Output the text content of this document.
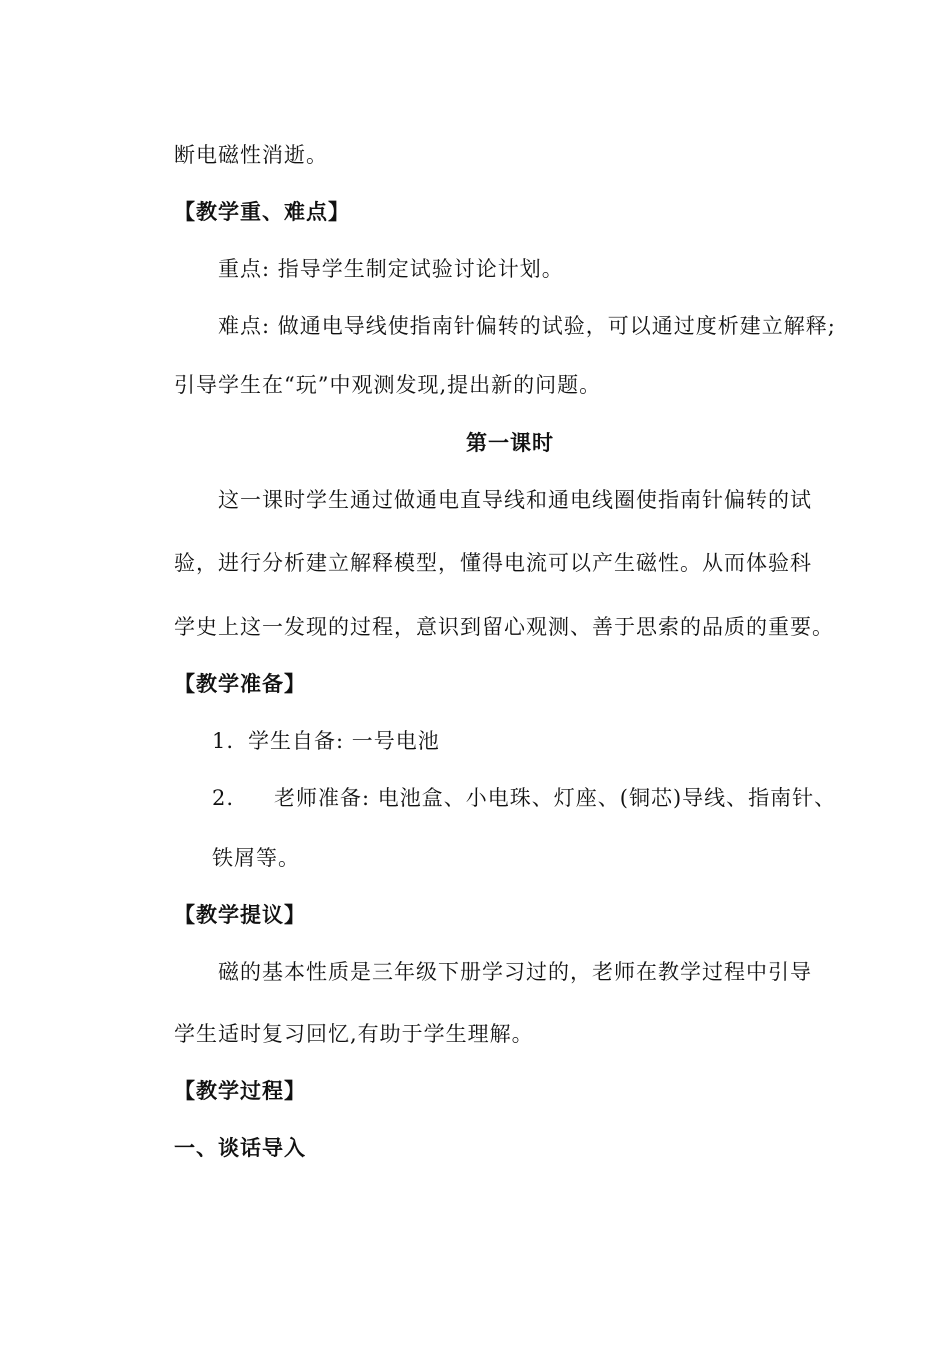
断电磁性消逝。
【教学重、难点】
重点: 指导学生制定试验讨论计划。
难点: 做通电导线使指南针偏转的试验，可以通过度析建立解释;
引导学生在“玩”中观测发现,提出新的问题。
第一课时
这一课时学生通过做通电直导线和通电线圈使指南针偏转的试
验，进行分析建立解释模型，懂得电流可以产生磁性。从而体验科
学史上这一发现的过程，意识到留心观测、善于思索的品质的重要。
【教学准备】
1. 学生自备: 一号电池
2. 老师准备: 电池盒、小电珠、灯座、(铜芯)导线、指南针、
铁屑等。
【教学提议】
磁的基本性质是三年级下册学习过的，老师在教学过程中引导
学生适时复习回忆,有助于学生理解。
【教学过程】
一、谈话导入
